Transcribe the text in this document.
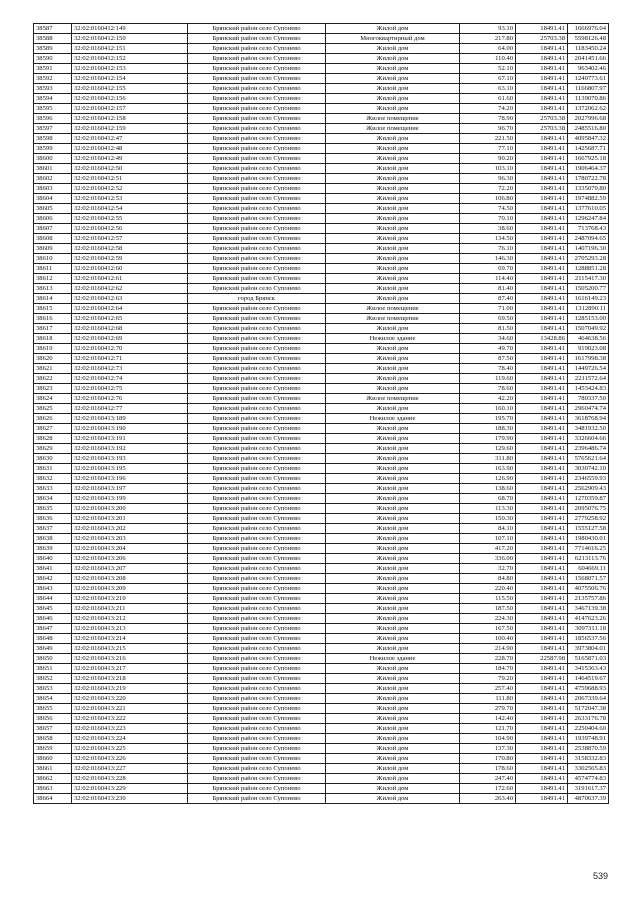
38587	32:02:0160412:149	Брянский район село Супонево	Жилой дом	93.10	18491.41	1666976.04
38588	32:02:0160412:150	Брянский район село Супонево	Многоквартирный дом	217.80	25703.38	5598126.48
38589	32:02:0160412:151	Брянский район село Супонево	Жилой дом	64.00	18491.41	1183450.24
38590	32:02:0160412:152	Брянский район село Супонево	Жилой дом	110.40	18491.41	2041451.66
38591	32:02:0160412:153	Брянский район село Супонево	Жилой дом	52.10	18491.41	963402.46
38592	32:02:0160412:154	Брянский район село Супонево	Жилой дом	67.10	18491.41	1240773.61
38593	32:02:0160412:155	Брянский район село Супонево	Жилой дом	63.10	18491.41	1166807.97
38594	32:02:0160412:156	Брянский район село Супонево	Жилой дом	61.60	18491.41	1139070.86
38595	32:02:0160412:157	Брянский район село Супонево	Жилой дом	74.20	18491.41	1372062.62
38596	32:02:0160412:158	Брянский район село Супонево	Жилое помещение	78.90	25703.38	2027996.68
38597	32:02:0160412:159	Брянский район село Супонево	Жилое помещение	96.70	25703.38	2485516.80
38598	32:02:0160412:47	Брянский район село Супонево	Жилой дом	221.50	18491.41	4095847.32
38599	32:02:0160412:48	Брянский район село Супонево	Жилой дом	77.10	18491.41	1425687.71
38600	32:02:0160412:49	Брянский район село Супонево	Жилой дом	90.20	18491.41	1667925.18
38601	32:02:0160412:50	Брянский район село Супонево	Жилой дом	103.10	18491.41	1906464.37
38602	32:02:0160412:51	Брянский район село Супонево	Жилой дом	96.30	18491.41	1780722.78
38603	32:02:0160412:52	Брянский район село Супонево	Жилой дом	72.20	18491.41	1335079.80
38604	32:02:0160412:53	Брянский район село Супонево	Жилой дом	106.80	18491.41	1974882.59
38605	32:02:0160412:54	Брянский район село Супонево	Жилой дом	74.50	18491.41	1377610.05
38606	32:02:0160412:55	Брянский район село Супонево	Жилой дом	70.10	18491.41	1296247.84
38607	32:02:0160412:56	Брянский район село Супонево	Жилой дом	38.60	18491.41	713768.43
38608	32:02:0160412:57	Брянский район село Супонево	Жилой дом	134.50	18491.41	2487094.65
38609	32:02:0160412:58	Брянский район село Супонево	Жилой дом	76.10	18491.41	1407196.30
38610	32:02:0160412:59	Брянский район село Супонево	Жилой дом	146.30	18491.41	2705293.28
38611	32:02:0160412:60	Брянский район село Супонево	Жилой дом	69.70	18491.41	1288851.28
38612	32:02:0160412:61	Брянский район село Супонево	Жилой дом	114.40	18491.41	2115417.30
38613	32:02:0160412:62	Брянский район село Супонево	Жилой дом	81.40	18491.41	1505200.77
38614	32:02:0160412:63	город Брянск	Жилой дом	87.40	18491.41	1616149.23
38615	32:02:0160412:64	Брянский район село Супонево	Жилое помещение	71.00	18491.41	1312890.11
38616	32:02:0160412:65	Брянский район село Супонево	Жилое помещение	69.50	18491.41	1285153.00
38617	32:02:0160412:68	Брянский район село Супонево	Жилой дом	81.50	18491.41	1507049.92
38618	32:02:0160412:69	Брянский район село Супонево	Нежилое здание	34.60	13428.86	464638.56
38619	32:02:0160412:70	Брянский район село Супонево	Жилой дом	49.70	18491.41	919023.08
38620	32:02:0160412:71	Брянский район село Супонево	Жилой дом	87.50	18491.41	1617998.38
38621	32:02:0160412:73	Брянский район село Супонево	Жилой дом	78.40	18491.41	1449726.54
38622	32:02:0160412:74	Брянский район село Супонево	Жилой дом	119.60	18491.41	2211572.64
38623	32:02:0160412:75	Брянский район село Супонево	Жилой дом	78.60	18491.41	1453424.83
38624	32:02:0160412:76	Брянский район село Супонево	Жилое помещение	42.20	18491.41	780337.50
38625	32:02:0160412:77	Брянский район село Супонево	Жилой дом	160.10	18491.41	2960474.74
38626	32:02:0160413:189	Брянский район село Супонево	Нежилое здание	195.70	18491.41	3618768.94
38627	32:02:0160413:190	Брянский район село Супонево	Жилой дом	188.30	18491.41	3481932.50
38628	32:02:0160413:191	Брянский район село Супонево	Жилой дом	179.90	18491.41	3326604.66
38629	32:02:0160413:192	Брянский район село Супонево	Жилой дом	129.60	18491.41	2396486.74
38630	32:02:0160413:193	Брянский район село Супонево	Жилой дом	311.80	18491.41	5765621.64
38631	32:02:0160413:195	Брянский район село Супонево	Жилой дом	163.90	18491.41	3030742.10
38632	32:02:0160413:196	Брянский район село Супонево	Жилой дом	126.90	18491.41	2346559.93
38633	32:02:0160413:197	Брянский район село Супонево	Жилой дом	138.60	18491.41	2562909.43
38634	32:02:0160413:199	Брянский район село Супонево	Жилой дом	68.70	18491.41	1270359.87
38635	32:02:0160413:200	Брянский район село Супонево	Жилой дом	113.30	18491.41	2095076.75
38636	32:02:0160413:201	Брянский район село Супонево	Жилой дом	150.30	18491.41	2779258.92
38637	32:02:0160413:202	Брянский район село Супонево	Жилой дом	84.10	18491.41	1555127.58
38638	32:02:0160413:203	Брянский район село Супонево	Жилой дом	107.10	18491.41	1980430.01
38639	32:02:0160413:204	Брянский район село Супонево	Жилой дом	417.20	18491.41	7714616.25
38640	32:02:0160413:206	Брянский район село Супонево	Жилой дом	336.00	18491.41	6213113.76
38641	32:02:0160413:207	Брянский район село Супонево	Жилой дом	32.70	18491.41	604669.11
38642	32:02:0160413:208	Брянский район село Супонево	Жилой дом	84.80	18491.41	1568071.57
38643	32:02:0160413:209	Брянский район село Супонево	Жилой дом	220.40	18491.41	4075506.76
38644	32:02:0160413:210	Брянский район село Супонево	Жилой дом	115.50	18491.41	2135757.86
38645	32:02:0160413:211	Брянский район село Супонево	Жилой дом	187.50	18491.41	3467139.38
38646	32:02:0160413:212	Брянский район село Супонево	Жилой дом	224.30	18491.41	4147623.26
38647	32:02:0160413:213	Брянский район село Супонево	Жилой дом	167.50	18491.41	3097311.18
38648	32:02:0160413:214	Брянский район село Супонево	Жилой дом	100.40	18491.41	1856537.56
38649	32:02:0160413:215	Брянский район село Супонево	Жилой дом	214.90	18491.41	3973804.01
38650	32:02:0160413:216	Брянский район село Супонево	Нежилое здание	228.70	22587.98	5165871.03
38651	32:02:0160413:217	Брянский район село Супонево	Жилой дом	184.70	18491.41	3415363.43
38652	32:02:0160413:218	Брянский район село Супонево	Жилой дом	79.20	18491.41	1464519.67
38653	32:02:0160413:219	Брянский район село Супонево	Жилой дом	257.40	18491.41	4759688.93
38654	32:02:0160413:220	Брянский район село Супонево	Жилой дом	111.80	18491.41	2067339.64
38655	32:02:0160413:221	Брянский район село Супонево	Жилой дом	279.70	18491.41	5172047.38
38656	32:02:0160413:222	Брянский район село Супонево	Жилой дом	142.40	18491.41	2633176.78
38657	32:02:0160413:223	Брянский район село Супонево	Жилой дом	121.70	18491.41	2250404.60
38658	32:02:0160413:224	Брянский район село Супонево	Жилой дом	104.90	18491.41	1939748.91
38659	32:02:0160413:225	Брянский район село Супонево	Жилой дом	137.30	18491.41	2538870.59
38660	32:02:0160413:226	Брянский район село Супонево	Жилой дом	170.80	18491.41	3158332.83
38661	32:02:0160413:227	Брянский район село Супонево	Жилой дом	178.60	18491.41	3302565.83
38662	32:02:0160413:228	Брянский район село Супонево	Жилой дом	247.40	18491.41	4574774.83
38663	32:02:0160413:229	Брянский район село Супонево	Жилой дом	172.60	18491.41	3191617.37
38664	32:02:0160413:230	Брянский район село Супонево	Жилой дом	263.40	18491.41	4870637.39
539
